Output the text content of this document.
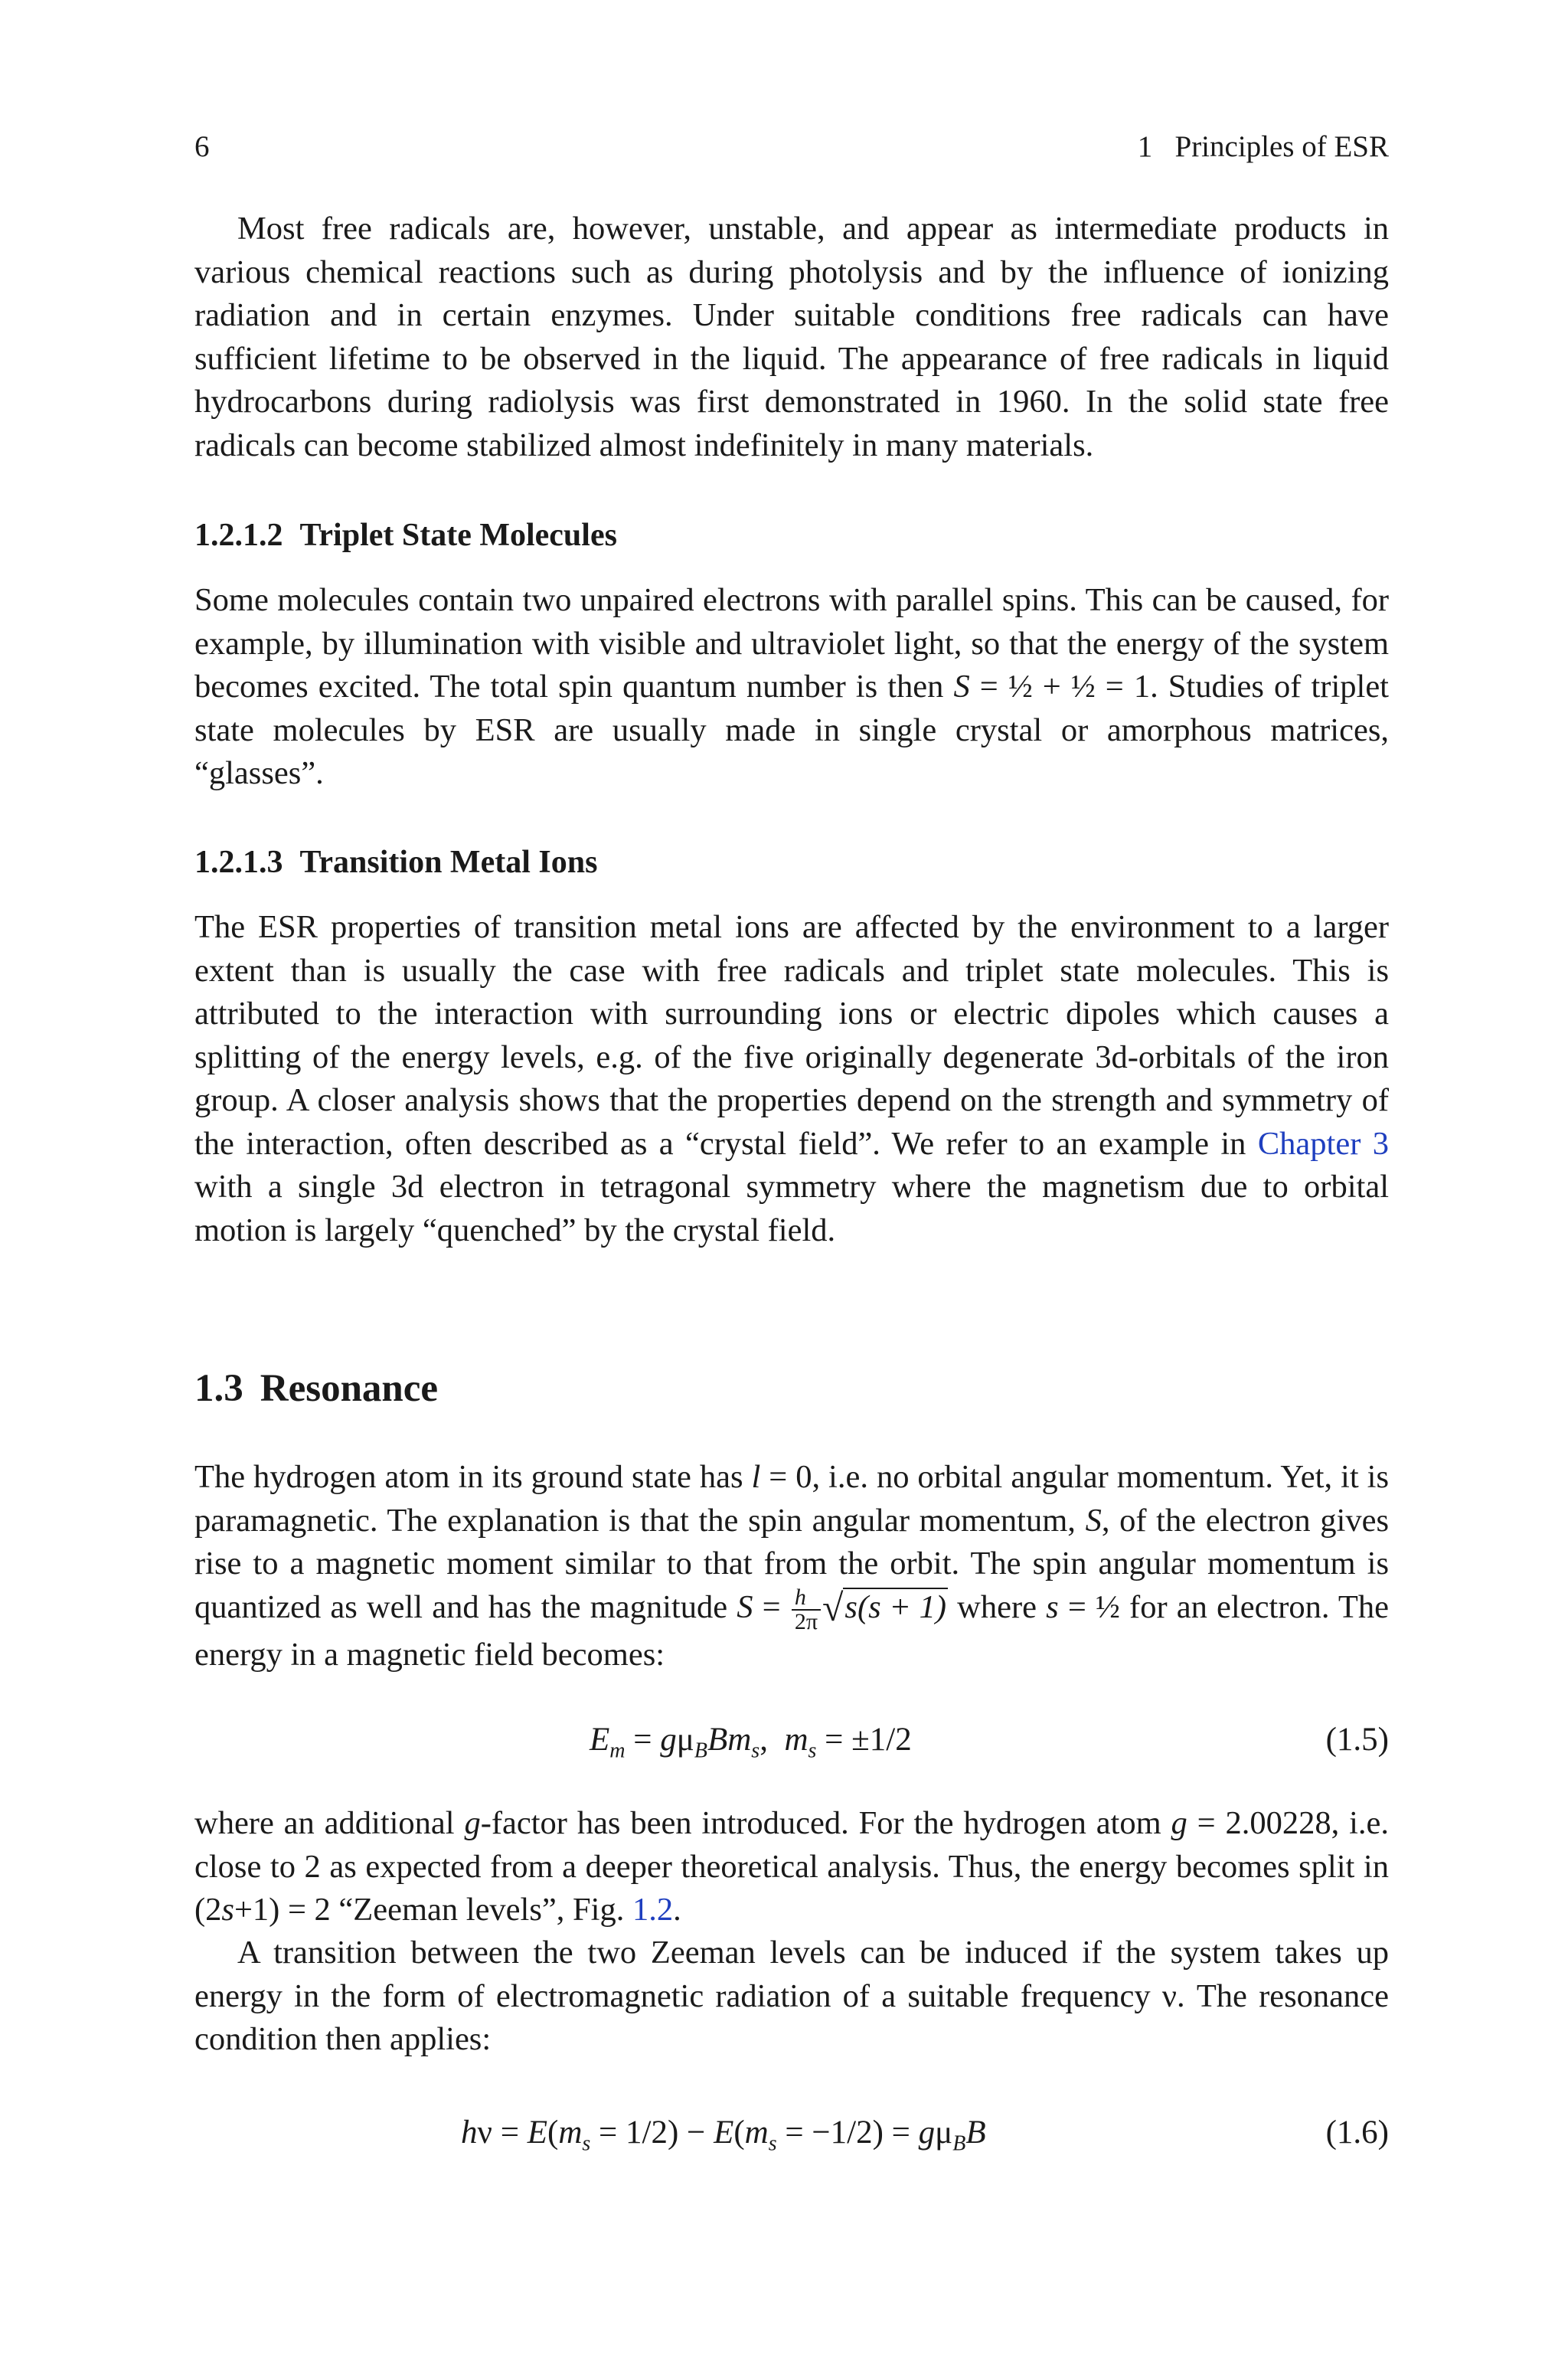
6	1   Principles of ESR

Most free radicals are, however, unstable, and appear as intermediate products in various chemical reactions such as during photolysis and by the influence of ionizing radiation and in certain enzymes. Under suitable conditions free radicals can have sufficient lifetime to be observed in the liquid. The appearance of free radicals in liquid hydrocarbons during radiolysis was first demonstrated in 1960. In the solid state free radicals can become stabilized almost indefinitely in many materials.

1.2.1.2 Triplet State Molecules

Some molecules contain two unpaired electrons with parallel spins. This can be caused, for example, by illumination with visible and ultraviolet light, so that the energy of the system becomes excited. The total spin quantum number is then S = ½ + ½ = 1. Studies of triplet state molecules by ESR are usually made in single crystal or amorphous matrices, “glasses”.

1.2.1.3 Transition Metal Ions

The ESR properties of transition metal ions are affected by the environment to a larger extent than is usually the case with free radicals and triplet state molecules. This is attributed to the interaction with surrounding ions or electric dipoles which causes a splitting of the energy levels, e.g. of the five originally degenerate 3d-orbitals of the iron group. A closer analysis shows that the properties depend on the strength and symmetry of the interaction, often described as a “crystal field”. We refer to an example in Chapter 3 with a single 3d electron in tetragonal symmetry where the magnetism due to orbital motion is largely “quenched” by the crystal field.

1.3 Resonance

The hydrogen atom in its ground state has l = 0, i.e. no orbital angular momentum. Yet, it is paramagnetic. The explanation is that the spin angular momentum, S, of the electron gives rise to a magnetic moment similar to that from the orbit. The spin angular momentum is quantized as well and has the magnitude $S = \frac{h}{2\pi} √s(s + 1)$ where s = ½ for an electron. The energy in a magnetic field becomes:

$E_m = g\mu_BBm_s$,  $m_s = \pm 1/2$	(1.5)

where an additional g-factor has been introduced. For the hydrogen atom g = 2.00228, i.e. close to 2 as expected from a deeper theoretical analysis. Thus, the energy becomes split in (2s+1) = 2 “Zeeman levels”, Fig. 1.2.

A transition between the two Zeeman levels can be induced if the system takes up energy in the form of electromagnetic radiation of a suitable frequency ν. The resonance condition then applies:

$h\nu = E(m_s = 1/2) - E(m_s = -1/2) = g\mu_BB$	(1.6)
